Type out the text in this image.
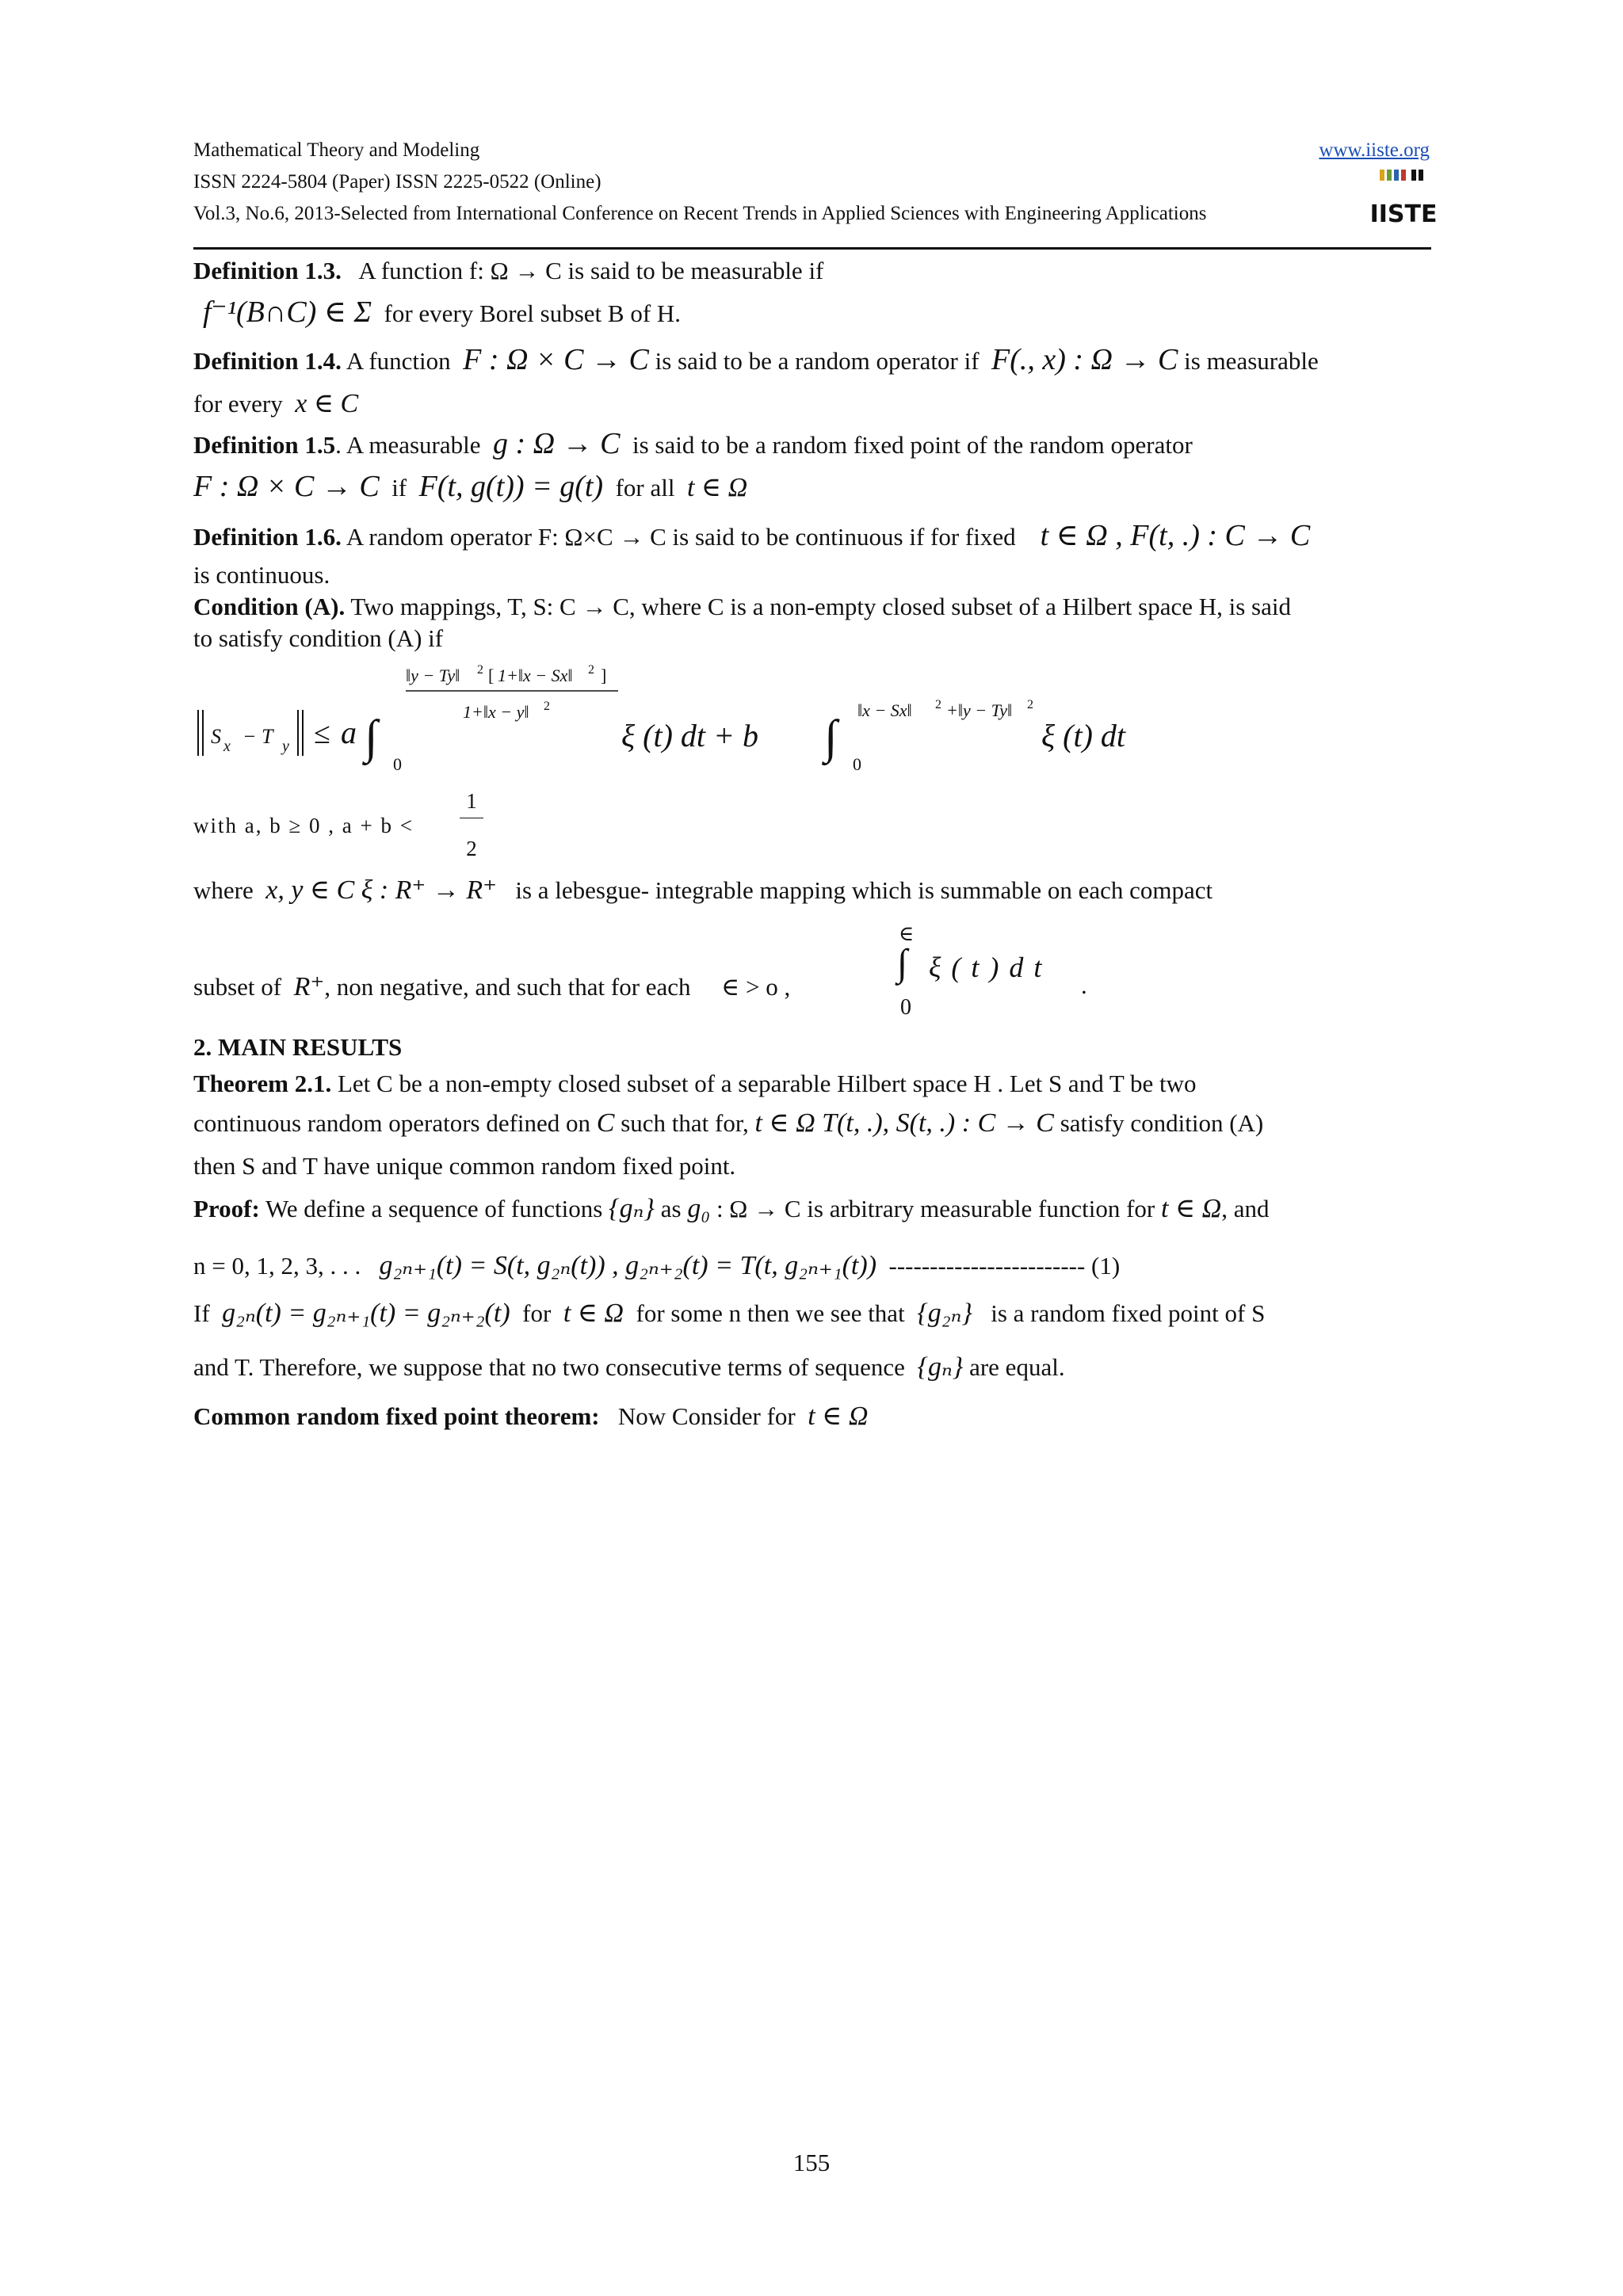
Mathematical Theory and Modeling	www.iiste.org
ISSN 2224-5804 (Paper) ISSN 2225-0522 (Online)
Vol.3, No.6, 2013-Selected from International Conference on Recent Trends in Applied Sciences with Engineering Applications	IISTE
Definition 1.3. A function f: Ω → C is said to be measurable if
f⁻¹(B∩C) ∈ Σ for every Borel subset B of H.
Definition 1.4. A function F : Ω × C → C is said to be a random operator if F(., x) : Ω → C is measurable
for every x ∈ C
Definition 1.5. A measurable g : Ω → C is said to be a random fixed point of the random operator
F : Ω × C → C if F(t, g(t)) = g(t) for all t ∈ Ω
Definition 1.6. A random operator F: Ω×C → C is said to be continuous if for fixed t ∈ Ω , F(t, .) : C → C
is continuous.
Condition (A). Two mappings, T, S: C → C, where C is a non-empty closed subset of a Hilbert space H, is said
to satisfy condition (A) if
S x − T y ≤ a ∫
0
‖y − Ty‖ 2 [ 1+‖x − Sx‖ 2 ]
1+‖x − y‖ 2
ξ (t) dt + b ∫
0
‖x − Sx‖ 2 +‖y − Ty‖ 2
ξ (t) dt
with a, b ≥ 0 , a + b <
1
2
where x, y ∈ C ξ : R⁺ → R⁺ is a lebesgue- integrable mapping which is summable on each compact
subset of R⁺, non negative, and such that for each ∈ > o ,
∈
∫ ξ ( t ) d t
0
.
2. MAIN RESULTS
Theorem 2.1. Let C be a non-empty closed subset of a separable Hilbert space H . Let S and T be two
continuous random operators defined on C such that for, t ∈ Ω T(t, .), S(t, .) : C → C satisfy condition (A)
then S and T have unique common random fixed point.
Proof: We define a sequence of functions {gₙ} as g₀ : Ω → C is arbitrary measurable function for t ∈ Ω, and
n = 0, 1, 2, 3, . . . g₂ₙ₊₁(t) = S(t, g₂ₙ(t)) , g₂ₙ₊₂(t) = T(t, g₂ₙ₊₁(t)) ------------------------ (1)
If g₂ₙ(t) = g₂ₙ₊₁(t) = g₂ₙ₊₂(t) for t ∈ Ω for some n then we see that {g₂ₙ} is a random fixed point of S
and T. Therefore, we suppose that no two consecutive terms of sequence {gₙ} are equal.
Common random fixed point theorem: Now Consider for t ∈ Ω
155
